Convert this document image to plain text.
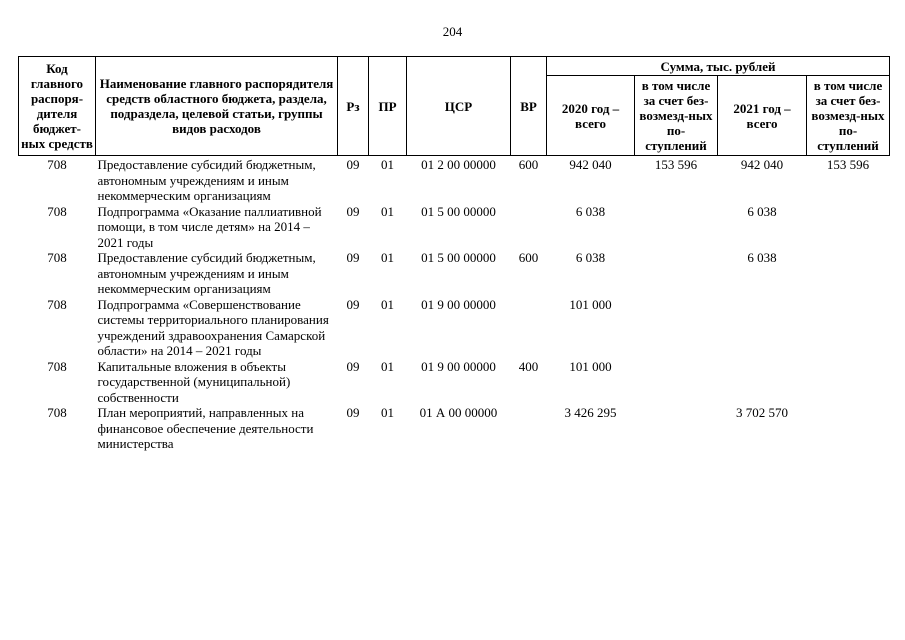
204
Код главного распоря-дителя бюджет-ных средств	Наименование главного распорядителя средств областного бюджета, раздела, подраздела, целевой статьи, группы видов расходов	Рз	ПР	ЦСР	ВР	Сумма, тыс. рублей			
						2020 год – всего	в том числе за счет без-возмезд-ных по-ступлений	2021 год – всего	в том числе за счет без-возмезд-ных по-ступлений
708	Предоставление субсидий бюджетным, автономным учреждениям и иным некоммерческим организациям	09	01	01 2 00 00000	600	942 040	153 596	942 040	153 596
708	Подпрограмма «Оказание паллиативной помощи, в том числе детям» на 2014 – 2021 годы	09	01	01 5 00 00000		6 038		6 038	
708	Предоставление субсидий бюджетным, автономным учреждениям и иным некоммерческим организациям	09	01	01 5 00 00000	600	6 038		6 038	
708	Подпрограмма «Совершенствование системы территориального планирования учреждений здравоохранения Самарской области» на 2014 – 2021 годы	09	01	01 9 00 00000		101 000			
708	Капитальные вложения в объекты государственной (муниципальной) собственности	09	01	01 9 00 00000	400	101 000			
708	План мероприятий, направленных на финансовое обеспечение деятельности министерства	09	01	01 А 00 00000		3 426 295		3 702 570	
